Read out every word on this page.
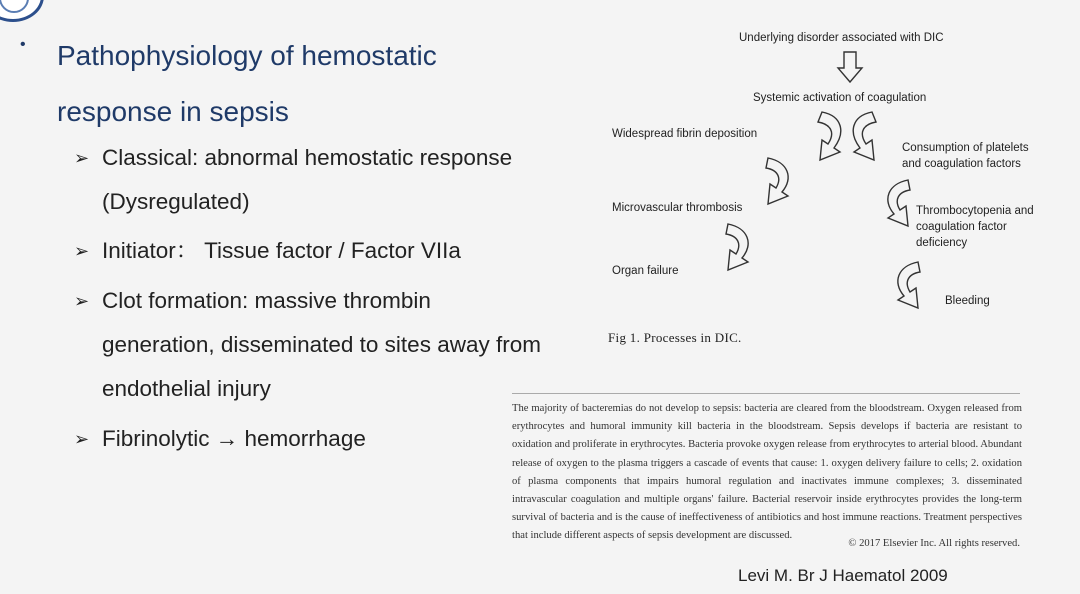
• Pathophysiology of hemostatic response in sepsis
➢ Classical: abnormal hemostatic response
(Dysregulated)
➢ Initiator： Tissue factor / Factor VIIa
➢ Clot formation: massive thrombin
generation, disseminated to sites away from
endothelial injury
➢ Fibrinolytic → hemorrhage
Underlying disorder associated with DIC
Systemic activation of coagulation
Widespread fibrin deposition
Consumption of platelets
and coagulation factors
Microvascular thrombosis	Thrombocytopenia and
coagulation factor
deficiency
Organ failure
Bleeding
Fig 1. Processes in DIC.
The majority of bacteremias do not develop to sepsis: bacteria are cleared from the bloodstream. Oxygen released from erythrocytes and humoral immunity kill bacteria in the bloodstream. Sepsis develops if bacteria are resistant to oxidation and proliferate in erythrocytes. Bacteria provoke oxygen release from erythrocytes to arterial blood. Abundant release of oxygen to the plasma triggers a cascade of events that cause: 1. oxygen delivery failure to cells; 2. oxidation of plasma components that impairs humoral regulation and inactivates immune complexes; 3. disseminated intravascular coagulation and multiple organs' failure. Bacterial reservoir inside erythrocytes provides the long-term survival of bacteria and is the cause of ineffectiveness of antibiotics and host immune reactions. Treatment perspectives that include different aspects of sepsis development are discussed.
© 2017 Elsevier Inc. All rights reserved.
Levi M. Br J Haematol 2009
